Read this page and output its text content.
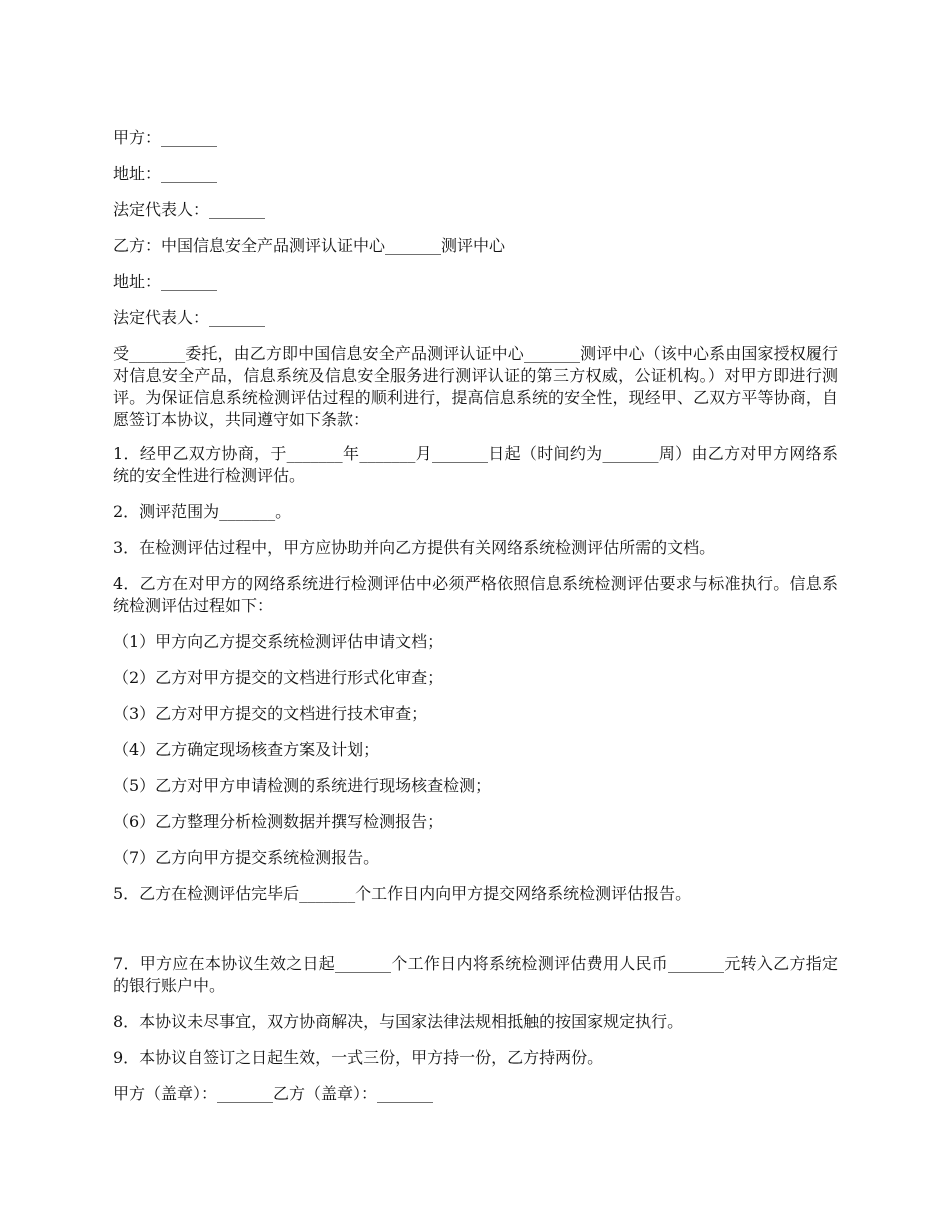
甲方：_______

地址：_______

法定代表人：_______

乙方：中国信息安全产品测评认证中心_______测评中心

地址：_______

法定代表人：_______

受_______委托，由乙方即中国信息安全产品测评认证中心_______测评中心（该中心系由国家授权履行对信息安全产品，信息系统及信息安全服务进行测评认证的第三方权威，公证机构。）对甲方即进行测评。为保证信息系统检测评估过程的顺利进行，提高信息系统的安全性，现经甲、乙双方平等协商，自愿签订本协议，共同遵守如下条款：

1．经甲乙双方协商，于_______年_______月_______日起（时间约为_______周）由乙方对甲方网络系统的安全性进行检测评估。

2．测评范围为_______。

3．在检测评估过程中，甲方应协助并向乙方提供有关网络系统检测评估所需的文档。

4．乙方在对甲方的网络系统进行检测评估中必须严格依照信息系统检测评估要求与标准执行。信息系统检测评估过程如下：

（1）甲方向乙方提交系统检测评估申请文档；

（2）乙方对甲方提交的文档进行形式化审查；

（3）乙方对甲方提交的文档进行技术审查；

（4）乙方确定现场核查方案及计划；

（5）乙方对甲方申请检测的系统进行现场核查检测；

（6）乙方整理分析检测数据并撰写检测报告；

（7）乙方向甲方提交系统检测报告。

5．乙方在检测评估完毕后_______个工作日内向甲方提交网络系统检测评估报告。

7．甲方应在本协议生效之日起_______个工作日内将系统检测评估费用人民币_______元转入乙方指定的银行账户中。

8．本协议未尽事宜，双方协商解决，与国家法律法规相抵触的按国家规定执行。

9．本协议自签订之日起生效，一式三份，甲方持一份，乙方持两份。

甲方（盖章）：_______乙方（盖章）：_______
